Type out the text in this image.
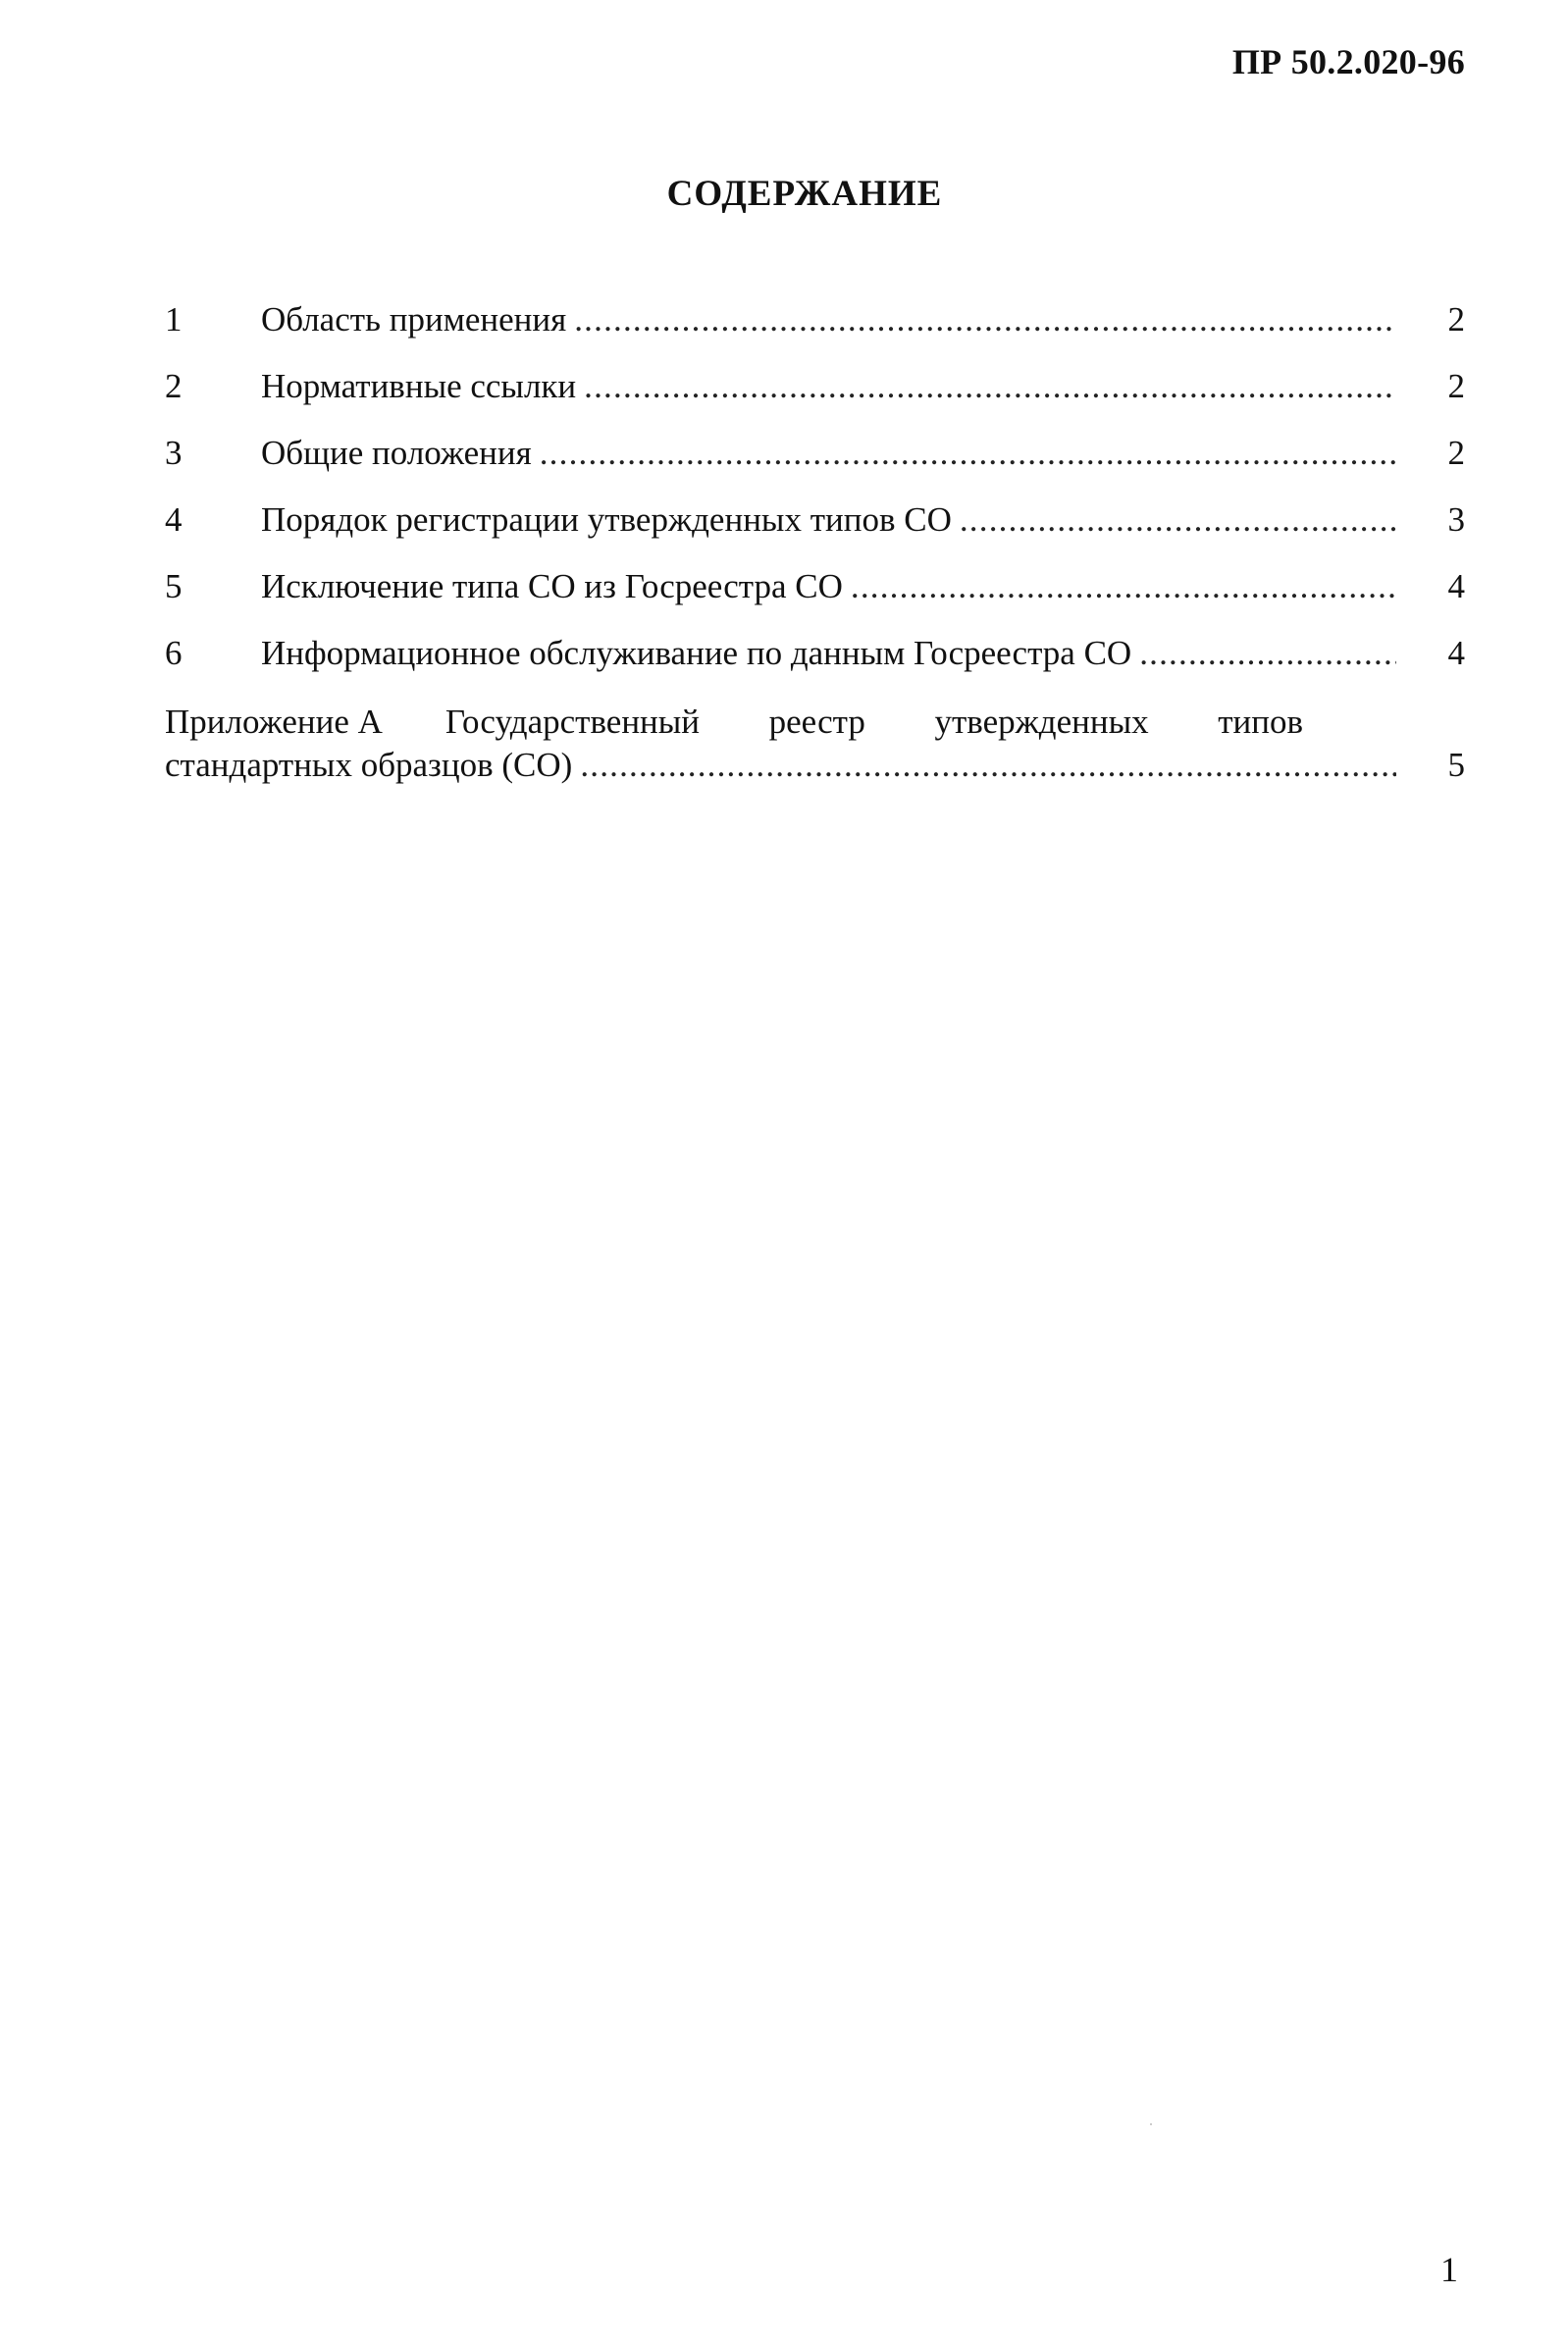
ПР 50.2.020-96
СОДЕРЖАНИЕ
1	Область применения .....	2
2	Нормативные ссылки .....	2
3	Общие положения .....	2
4	Порядок регистрации утвержденных типов СО .....	3
5	Исключение типа СО из Госреестра СО .....	4
6	Информационное обслуживание по данным Госреестра СО .....	4
Приложение А	Государственный реестр утвержденных типов
стандартных образцов (СО) .....	5
1
